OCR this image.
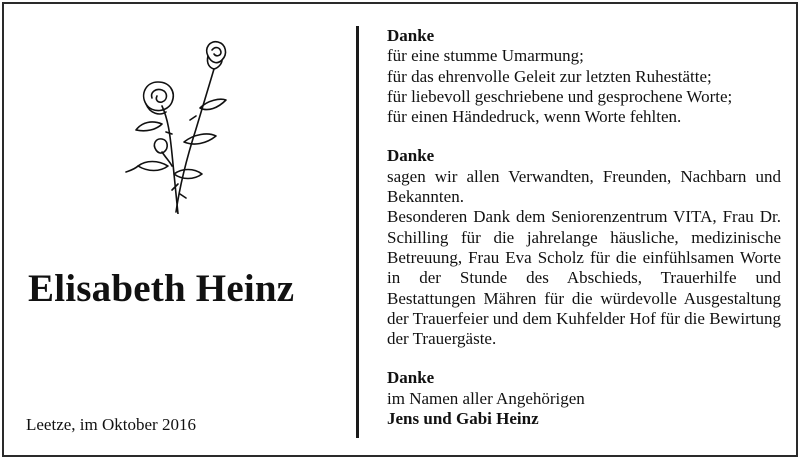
Elisabeth Heinz
Leetze, im Oktober 2016
Danke
für eine stumme Umarmung;
für das ehrenvolle Geleit zur letzten Ruhestätte;
für liebevoll geschriebene und gesprochene Worte;
für einen Händedruck, wenn Worte fehlten.
Danke
sagen wir allen Verwandten, Freunden, Nachbarn und Bekannten.
Besonderen Dank dem Seniorenzentrum VITA, Frau Dr. Schilling für die jahrelange häusliche, medizinische Betreuung, Frau Eva Scholz für die einfühlsamen Worte in der Stunde des Abschieds, Trauerhilfe und Bestattungen Mähren für die würdevolle Ausgestaltung der Trauerfeier und dem Kuhfelder Hof für die Bewirtung der Trauergäste.
Danke
im Namen aller Angehörigen
Jens und Gabi Heinz
